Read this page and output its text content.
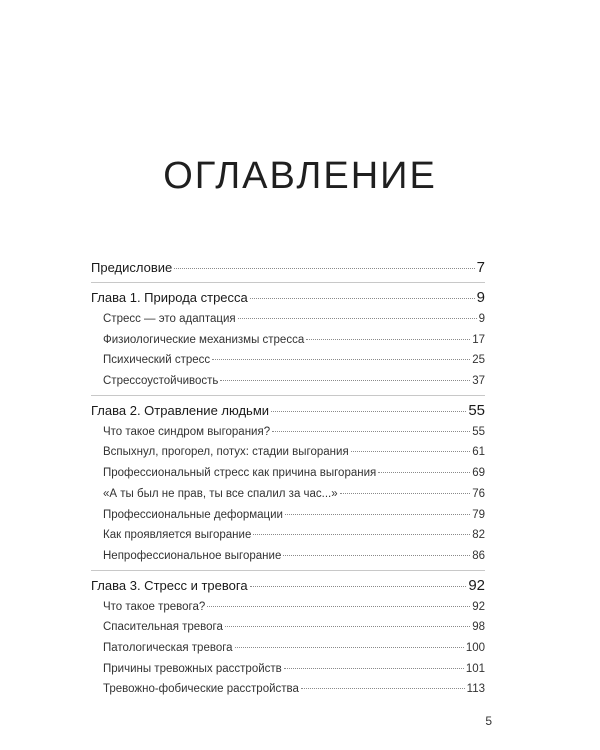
ОГЛАВЛЕНИЕ
Предисловие	7
Глава 1. Природа стресса	9
Стресс — это адаптация	9
Физиологические механизмы стресса	17
Психический стресс	25
Стрессоустойчивость	37
Глава 2. Отравление людьми	55
Что такое синдром выгорания?	55
Вспыхнул, прогорел, потух: стадии выгорания	61
Профессиональный стресс как причина выгорания	69
«А ты был не прав, ты все спалил за час...»	76
Профессиональные деформации	79
Как проявляется выгорание	82
Непрофессиональное выгорание	86
Глава 3. Стресс и тревога	92
Что такое тревога?	92
Спасительная тревога	98
Патологическая тревога	100
Причины тревожных расстройств	101
Тревожно-фобические расстройства	113
5
